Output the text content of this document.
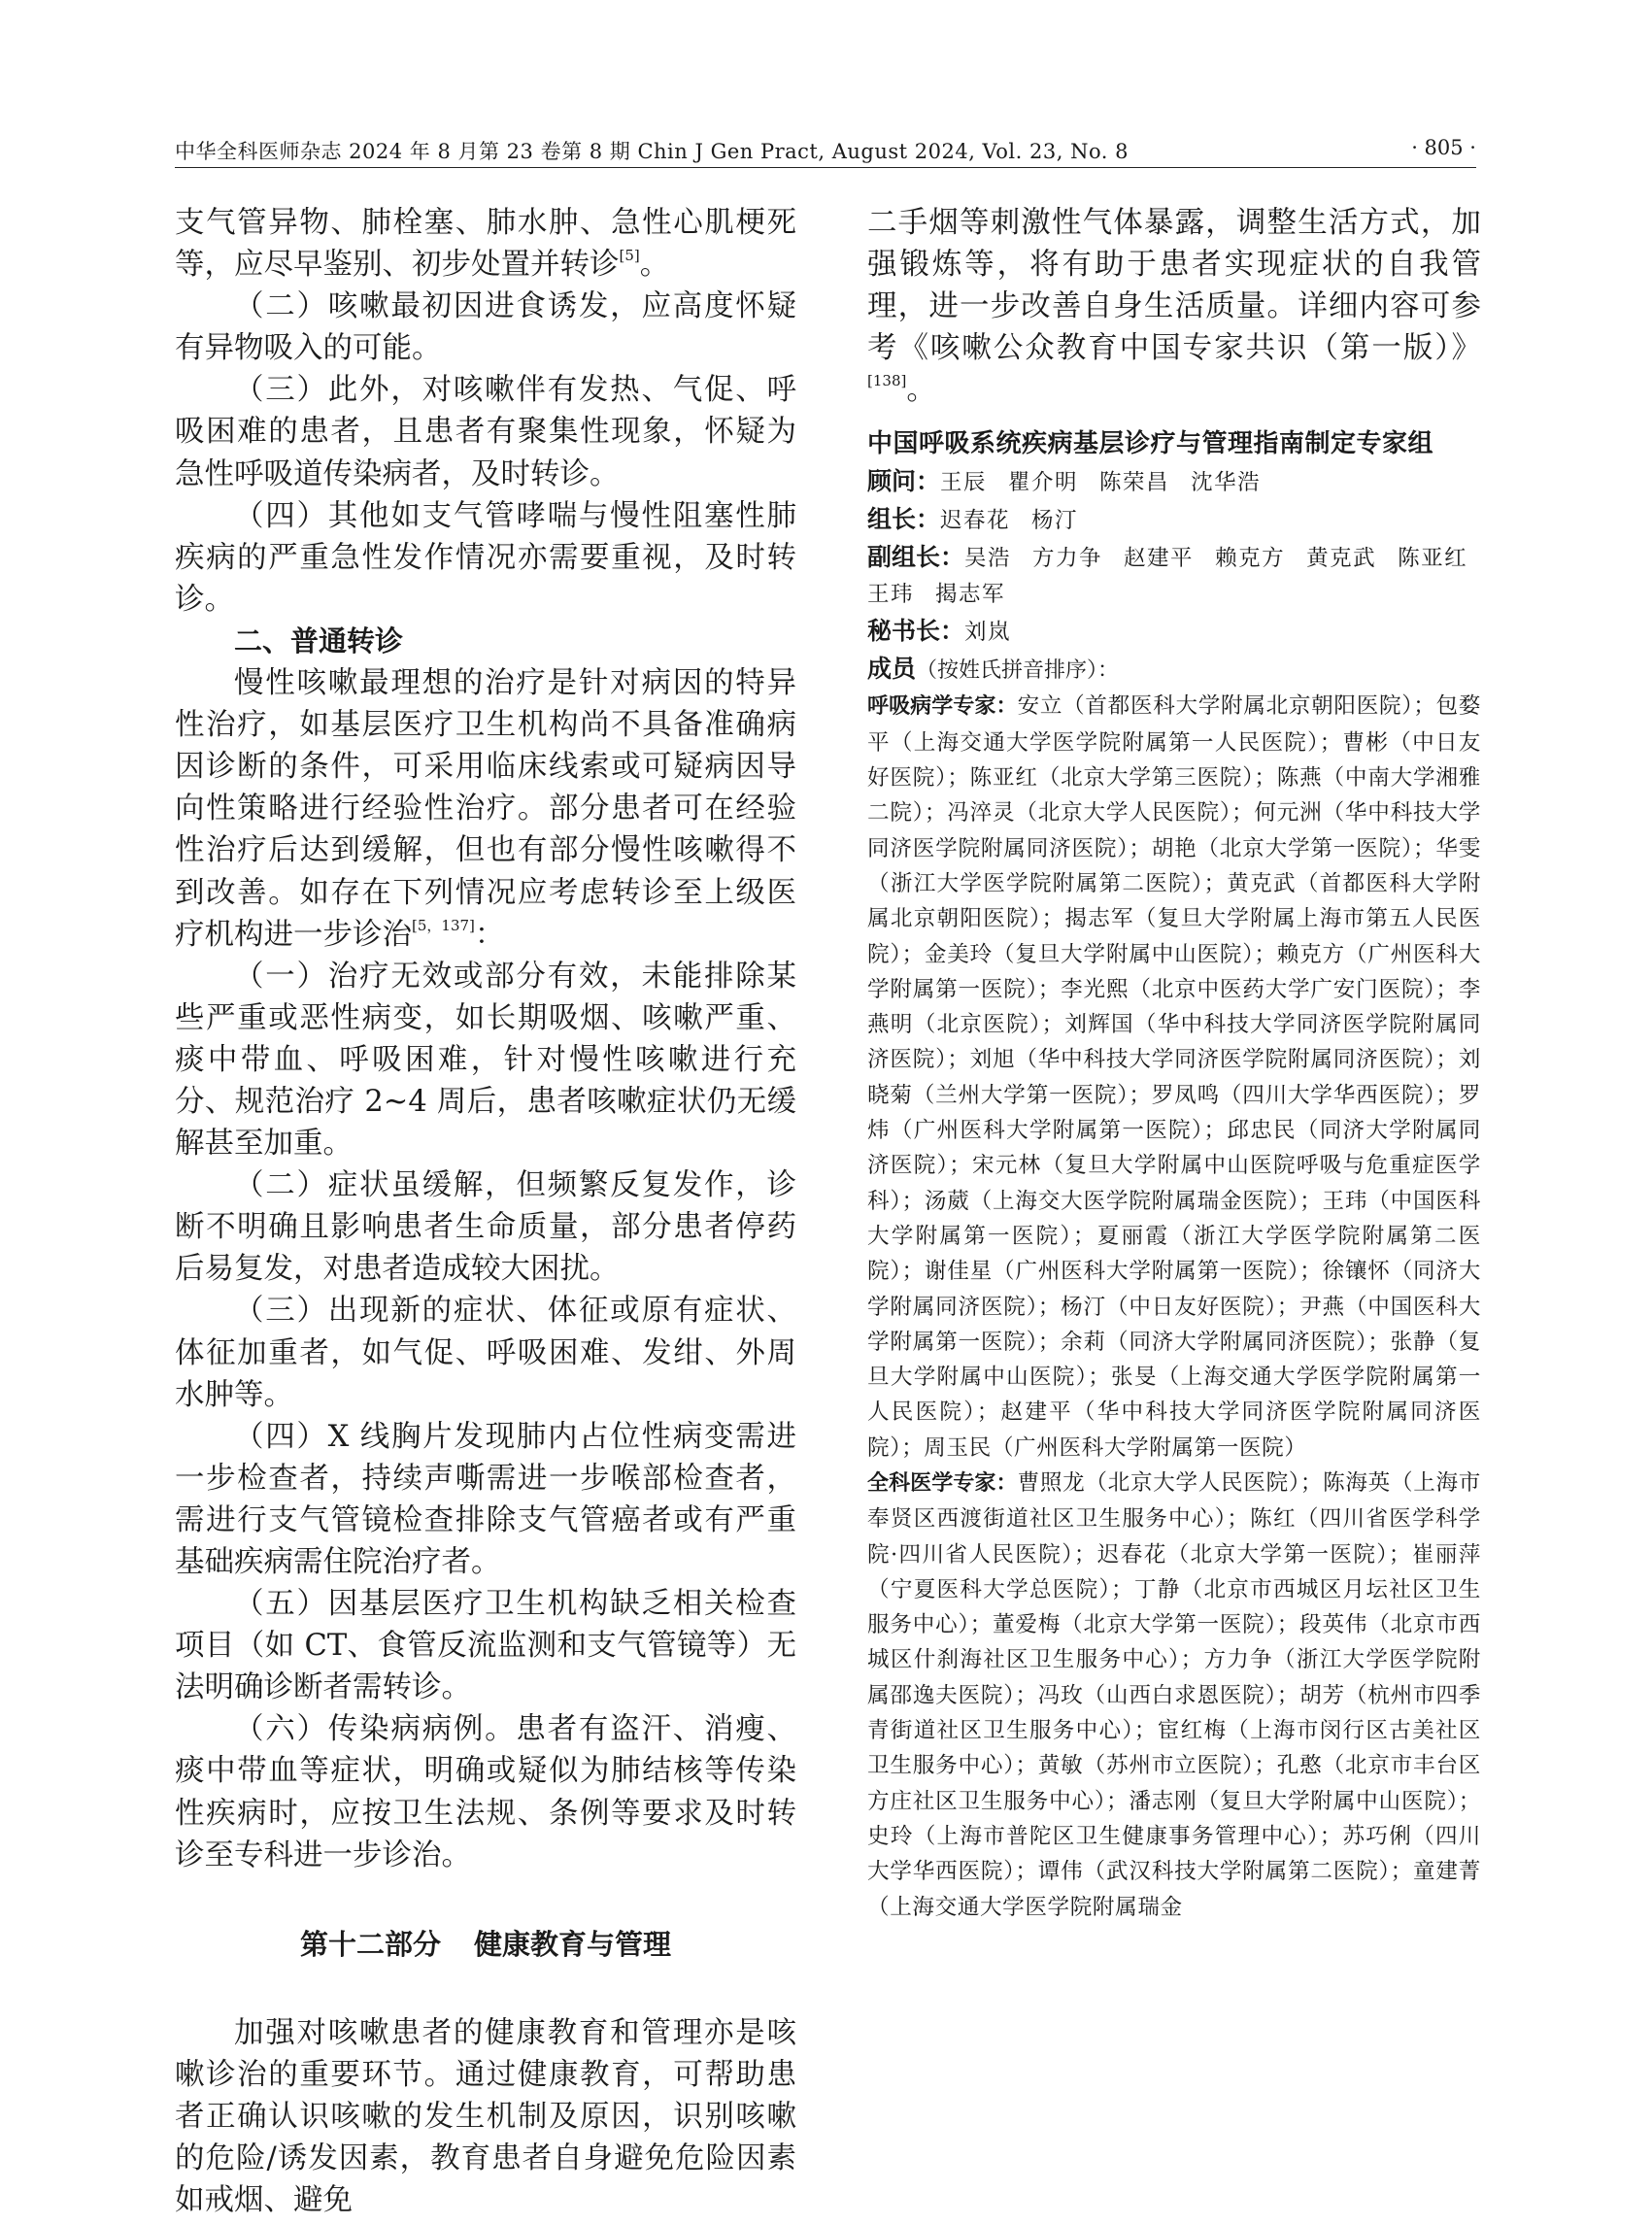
中华全科医师杂志 2024 年 8 月第 23 卷第 8 期 Chin J Gen Pract, August 2024, Vol. 23, No. 8	· 805 ·

支气管异物、肺栓塞、肺水肿、急性心肌梗死等，应尽早鉴别、初步处置并转诊[5]。

（二）咳嗽最初因进食诱发，应高度怀疑有异物吸入的可能。

（三）此外，对咳嗽伴有发热、气促、呼吸困难的患者，且患者有聚集性现象，怀疑为急性呼吸道传染病者，及时转诊。

（四）其他如支气管哮喘与慢性阻塞性肺疾病的严重急性发作情况亦需要重视，及时转诊。

二、普通转诊

慢性咳嗽最理想的治疗是针对病因的特异性治疗，如基层医疗卫生机构尚不具备准确病因诊断的条件，可采用临床线索或可疑病因导向性策略进行经验性治疗。部分患者可在经验性治疗后达到缓解，但也有部分慢性咳嗽得不到改善。如存在下列情况应考虑转诊至上级医疗机构进一步诊治[5，137]：

（一）治疗无效或部分有效，未能排除某些严重或恶性病变，如长期吸烟、咳嗽严重、痰中带血、呼吸困难，针对慢性咳嗽进行充分、规范治疗 2~4 周后，患者咳嗽症状仍无缓解甚至加重。

（二）症状虽缓解，但频繁反复发作，诊断不明确且影响患者生命质量，部分患者停药后易复发，对患者造成较大困扰。

（三）出现新的症状、体征或原有症状、体征加重者，如气促、呼吸困难、发绀、外周水肿等。

（四）X 线胸片发现肺内占位性病变需进一步检查者，持续声嘶需进一步喉部检查者，需进行支气管镜检查排除支气管癌者或有严重基础疾病需住院治疗者。

（五）因基层医疗卫生机构缺乏相关检查项目（如 CT、食管反流监测和支气管镜等）无法明确诊断者需转诊。

（六）传染病病例。患者有盗汗、消瘦、痰中带血等症状，明确或疑似为肺结核等传染性疾病时，应按卫生法规、条例等要求及时转诊至专科进一步诊治。

第十二部分 健康教育与管理

加强对咳嗽患者的健康教育和管理亦是咳嗽诊治的重要环节。通过健康教育，可帮助患者正确认识咳嗽的发生机制及原因，识别咳嗽的危险/诱发因素，教育患者自身避免危险因素如戒烟、避免

二手烟等刺激性气体暴露，调整生活方式，加强锻炼等，将有助于患者实现症状的自我管理，进一步改善自身生活质量。详细内容可参考《咳嗽公众教育中国专家共识（第一版）》[138]。

中国呼吸系统疾病基层诊疗与管理指南制定专家组

顾问：王辰 瞿介明 陈荣昌 沈华浩

组长：迟春花 杨汀

副组长：吴浩 方力争 赵建平 赖克方 黄克武 陈亚红
王玮 揭志军

秘书长：刘岚

成员（按姓氏拼音排序）：

呼吸病学专家：安立（首都医科大学附属北京朝阳医院）；包婺平（上海交通大学医学院附属第一人民医院）；曹彬（中日友好医院）；陈亚红（北京大学第三医院）；陈燕（中南大学湘雅二院）；冯淬灵（北京大学人民医院）；何元洲（华中科技大学同济医学院附属同济医院）；胡艳（北京大学第一医院）；华雯（浙江大学医学院附属第二医院）；黄克武（首都医科大学附属北京朝阳医院）；揭志军（复旦大学附属上海市第五人民医院）；金美玲（复旦大学附属中山医院）；赖克方（广州医科大学附属第一医院）；李光熙（北京中医药大学广安门医院）；李燕明（北京医院）；刘辉国（华中科技大学同济医学院附属同济医院）；刘旭（华中科技大学同济医学院附属同济医院）；刘晓菊（兰州大学第一医院）；罗凤鸣（四川大学华西医院）；罗炜（广州医科大学附属第一医院）；邱忠民（同济大学附属同济医院）；宋元林（复旦大学附属中山医院呼吸与危重症医学科）；汤葳（上海交大医学院附属瑞金医院）；王玮（中国医科大学附属第一医院）；夏丽霞（浙江大学医学院附属第二医院）；谢佳星（广州医科大学附属第一医院）；徐镶怀（同济大学附属同济医院）；杨汀（中日友好医院）；尹燕（中国医科大学附属第一医院）；余莉（同济大学附属同济医院）；张静（复旦大学附属中山医院）；张旻（上海交通大学医学院附属第一人民医院）；赵建平（华中科技大学同济医学院附属同济医院）；周玉民（广州医科大学附属第一医院）

全科医学专家：曹照龙（北京大学人民医院）；陈海英（上海市奉贤区西渡街道社区卫生服务中心）；陈红（四川省医学科学院·四川省人民医院）；迟春花（北京大学第一医院）；崔丽萍（宁夏医科大学总医院）；丁静（北京市西城区月坛社区卫生服务中心）；董爱梅（北京大学第一医院）；段英伟（北京市西城区什刹海社区卫生服务中心）；方力争（浙江大学医学院附属邵逸夫医院）；冯玫（山西白求恩医院）；胡芳（杭州市四季青街道社区卫生服务中心）；宦红梅（上海市闵行区古美社区卫生服务中心）；黄敏（苏州市立医院）；孔憨（北京市丰台区方庄社区卫生服务中心）；潘志刚（复旦大学附属中山医院）；史玲（上海市普陀区卫生健康事务管理中心）；苏巧俐（四川大学华西医院）；谭伟（武汉科技大学附属第二医院）；童建菁（上海交通大学医学院附属瑞金
